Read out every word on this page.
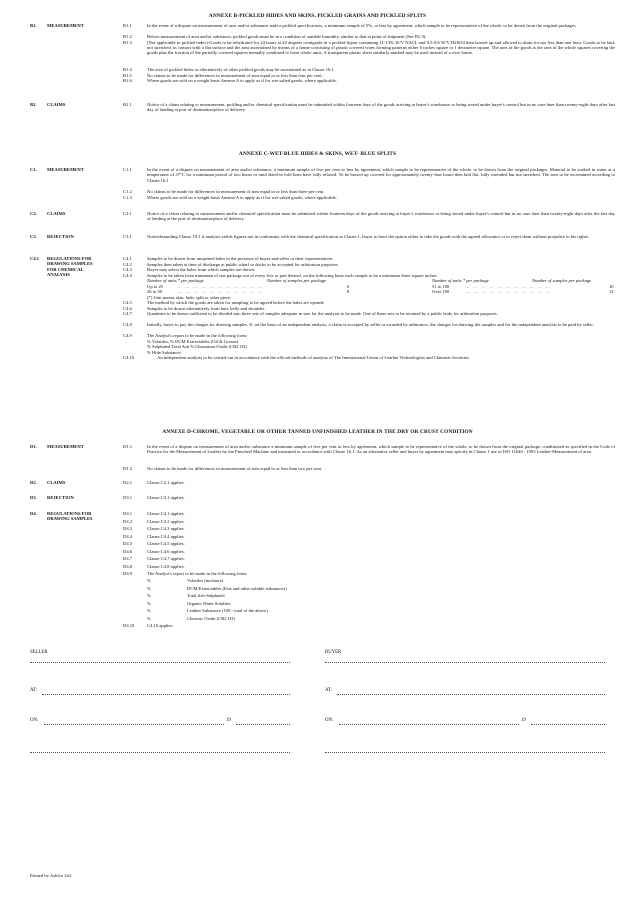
ANNEXE B-PICKLED HIDES AND SKINS, PICKLED GRAINS AND PICKLED SPLITS
B1.	MEASUREMENT	B1.1	In the event of a dispute on measurement of area and/or substance and/or pickled specifications, a minimum sample of 5%, or less by agreement, which sample to be representative of the whole, to be drawn from the original packages.
B1.2	Before measurement of area and/or substance, pickled goods must be in a condition of suitable humidity, similar to that at point of shipment (See B1.3).
B1.3	(Not applicable to pickled hides)-Goods to be rehydrated for 24 hours at 22 degrees centigrade in a pickled liquor containing 11-13% W/V NACL and 0.5-0.6 W/V H2SO4 then horsed up and allowed to drain for not less than one hour. Goods to be laid, not stretched, in contact with a flat surface and the area ascertained by means of a frame consisting of plastic covered wires forming patterns either 6 inches square or 1 decimetre square. The area of the goods is the area of the whole squares covering the goods plus the fraction of the partially covered squares mentally combined to form whole units. A transparent plastic sheet similarly marked may be used instead of a wire frame.
B1.4	The area of pickled hides or alternatively of other pickled goods may be ascertained as in Clause 16.1
B1.5	No claims to be made for differences in measurement of area equal to or less than four per cent.
B1.6	Where goods are sold on a weight basis Annexe A to apply as if for wet salted goods, where applicable.
B2.	CLAIMS	B2.1	Notice of a claim relating to measurement, pickling and/or chemical specification must be submitted within fourteen days of the goods arriving at buyer's warehouse or being stored under buyer's control but in no case later than twenty-eight days after last day of landing at port of destination/place of delivery.
ANNEXE C-WET-BLUE HIDES & SKINS, WET- BLUE SPLITS
C1.	MEASUREMENT	C1.1	In the event of a dispute on measurement of area and/or substance, a minimum sample of five per cent or less by agreement, which sample to be representative of the whole, to be drawn from the original packages. Material to be soaked in water at a temperature of 37°C for a minimum period of two hours or until dried-in fold lines have fully relaxed. To be horsed up covered for approximately twenty-four hours then laid flat, fully extended but not stretched. The area to be ascertained according to Clause 16.1
C1.2	No claims to be made for differences in measurement of area equal to or less than three per cent.
C1.3	Where goods are sold on a weight basis Annexe A to apply as if for wet salted goods, where applicable.
C2.	CLAIMS	C2.1	Notice of a claim relating to measurement and/or chemical specification must be submitted within fourteen days of the goods arriving at buyer's warehouse or being stored under buyer's control but in no case later than twenty-eight days after the last day of landing at the port of destination/place of delivery.
C3.	REJECTION	C3.1	Notwithstanding Clause 19.1 if analysis yields figures not in conformity with the chemical specification in Clause 1, buyer to have the option either to take the goods with the agreed allowance or to reject them without prejudice to his rights.
C4.1	REGULATIONS FOR
DRAWING SAMPLES
FOR CHEMICAL
ANALYSIS
C4.1	Samples to be drawn from unopened bales in the presence of buyer and seller or their representatives.
C4.2	Samples then taken at time of discharge at public wharf or docks to be accepted for arbitration purposes.
C4.3	Buyer may select the bales from which samples are drawn.
C4.4	Samples to be taken from minimum of one package out of every five or part thereof, on the following basis each sample to be a minimum three square inches.
Number of units * per package	Number of samples per package	Number of units * per package	Number of samples per package
Up to 25	…   …   …   …   …   …   …   …   …   …   …	6	51 to 100	…   …   …   …   …   …   …   …   …   …   …	10
26 to 50	…   …   …   …   …   …   …   …   …   …   …	8	Over 100	…   …   …   …   …   …   …   …   …   …   …	12
(*) Unit means skin, hide, split or other piece.
C4.5	The method by which the goods are taken for sampling to be agreed before the bales are opened.
C4.6	Samples to be drawn alternatively from butt, belly and shoulder.
C4.7	Quantities to be drawn sufficient to be divided into three sets of samples adequate in size for the analysis to be made. One of these sets to be retained by a public body for arbitration purposes.
C4.8	Initially, buyer to pay the charges for drawing samples. If, on the basis of an independent analysis, a claim is accepted by seller or awarded by arbitrators, the charges for drawing the samples and for the independent analysis to be paid by seller.
C4.9	The Analyst's report to be made in the following form:
% Volatiles, % DCM Extractables (Oil & Grease).
% Sulphated Total Ash % Chromium Oxide (CR2 O3)
% Hide Substance.
C4.10	An independent analysis to be carried out in accordance with the official methods of analysis of The International Union of Leather Technologists and Chemists Societies.
ANNEXE D-CHROME, VEGETABLE OR OTHER TANNED UNFINISHED LEATHER IN THE DRY OR CRUST CONDITION
D1.	MEASUREMENT	D1.1	In the event of a dispute on measurement of area and/or substance a minimum sample of five per cent or less by agreement, which sample to be representative of the whole, to be drawn from the original package, conditioned as specified in the Code of Practice for the Measurement of Leather by the Pinwheel Machine and measured in accordance with Clause 16.1. As an alternative seller and buyer by agreement may specify in Clause 1 use of ISO 11646 : 1993 Leather-Measurement of area.
D1.2	No claims to be made for differences in measurement of area equal to or less than two per cent.
D2.	CLAIMS	D2.1	Clause C2.1 applies.
D3.	REJECTION	D3.1	Clause C3.1 applies.
D4.	REGULATIONS FOR
DRAWING SAMPLES
D4.1	Clause C4.1 applies.
D4.2	Clause C4.2 applies.
D4.3	Clause C4.3 applies.
D4.4	Clause C4.4 applies.
D4.5	Clause C4.5 applies.
D4.6	Clause C4.6 applies.
D4.7	Clause C4.7 applies.
D4.8	Clause C4.8 applies.
D4.9	The Analyst's report to be made in the following form:
%	Volatiles (moisture)
%	DCM Extractables (Fats and other soluble substances)
%	Total Ash-Sulphated
%	Organic Water Solubles
%	Leather Substance (100 - total of the above)
%	Chromic Oxide (CR2 O3)
D4.10	C4.10 applies.
SELLER	BUYER
AT:	AT:
ON:	19	ON:	19
Printed by Adelco Ltd.
